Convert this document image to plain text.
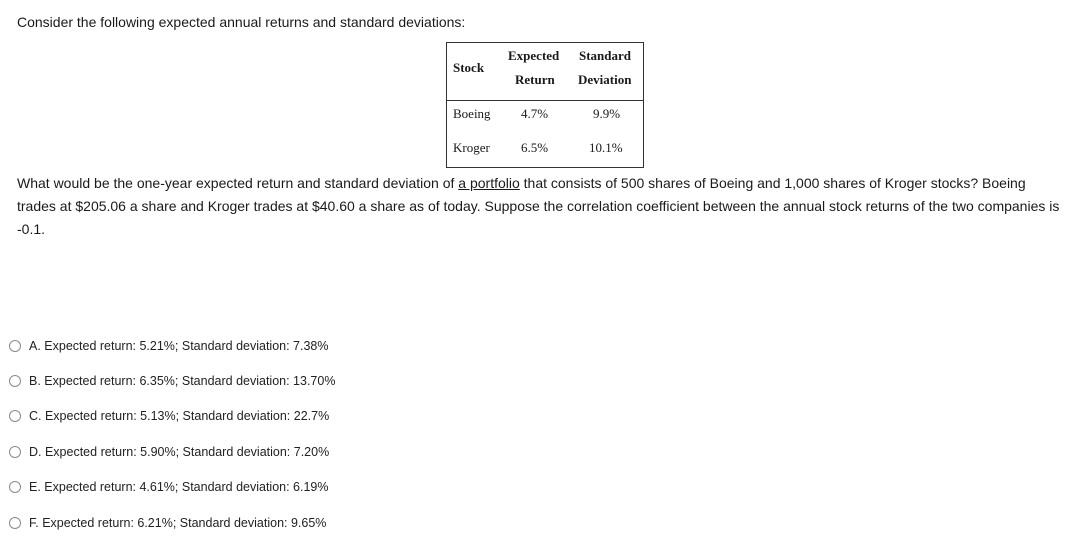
Consider the following expected annual returns and standard deviations:
Stock
Expected
Return
Standard
Deviation
Boeing 4.7%	9.9%
Kroger 6.5%	10.1%
What would be the one-year expected return and standard deviation of a portfolio that consists of 500 shares of Boeing and 1,000 shares of Kroger stocks? Boeing trades at $205.06 a share and Kroger trades at $40.60 a share as of today. Suppose the correlation coefficient between the annual stock returns of the two companies is -0.1.
A. Expected return: 5.21%; Standard deviation: 7.38%
B. Expected return: 6.35%; Standard deviation: 13.70%
C. Expected return: 5.13%; Standard deviation: 22.7%
D. Expected return: 5.90%; Standard deviation: 7.20%
E. Expected return: 4.61%; Standard deviation: 6.19%
F. Expected return: 6.21%; Standard deviation: 9.65%
